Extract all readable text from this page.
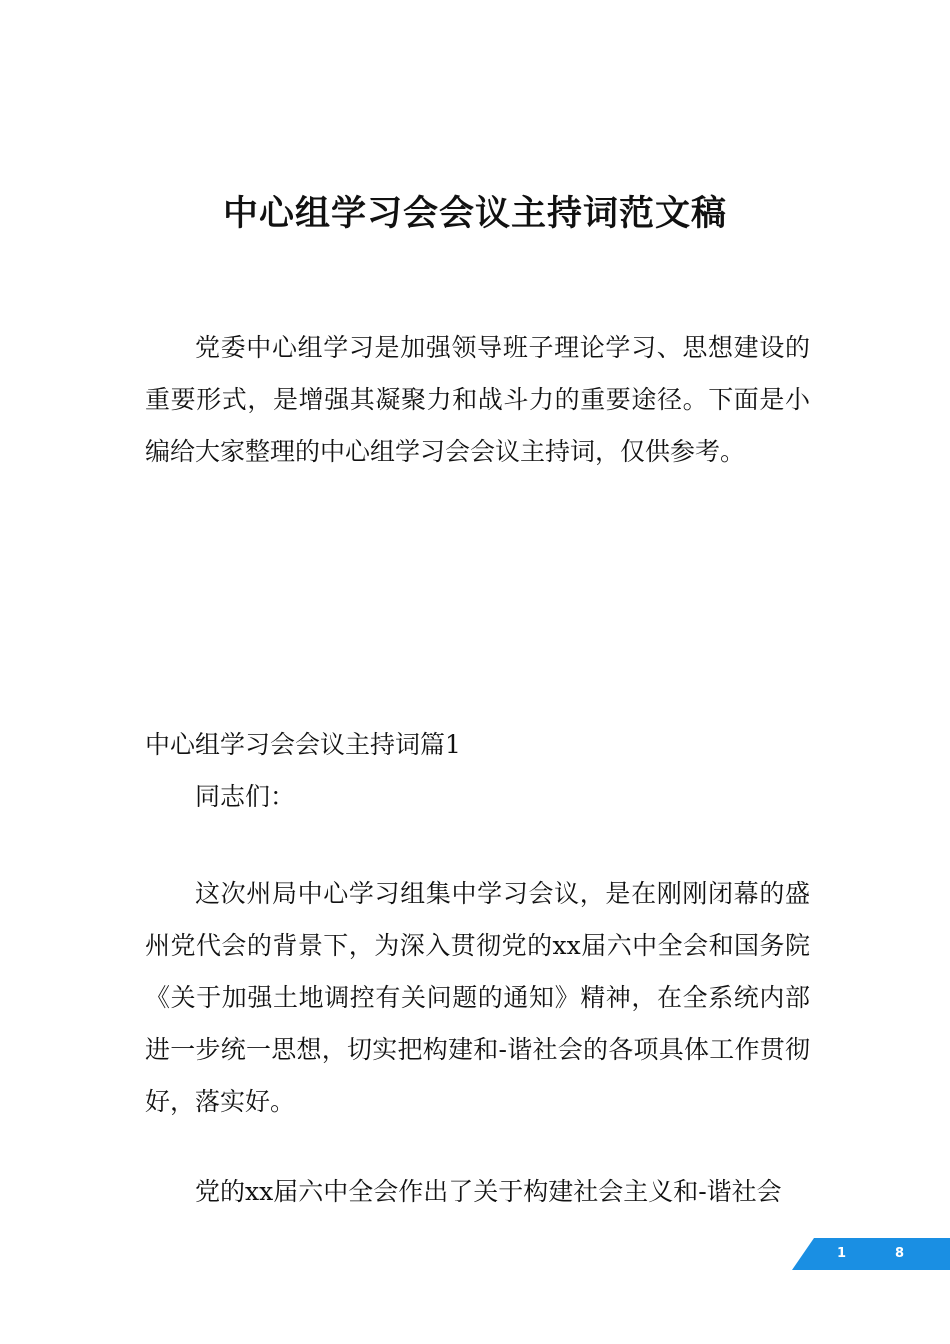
中心组学习会会议主持词范文稿

党委中心组学习是加强领导班子理论学习、思想建设的重要形式，是增强其凝聚力和战斗力的重要途径。下面是小编给大家整理的中心组学习会会议主持词，仅供参考。

中心组学习会会议主持词篇1

同志们：

这次州局中心学习组集中学习会议，是在刚刚闭幕的盛州党代会的背景下，为深入贯彻党的xx届六中全会和国务院《关于加强土地调控有关问题的通知》精神，在全系统内部进一步统一思想，切实把构建和-谐社会的各项具体工作贯彻好，落实好。

党的xx届六中全会作出了关于构建社会主义和-谐社会

1	8
